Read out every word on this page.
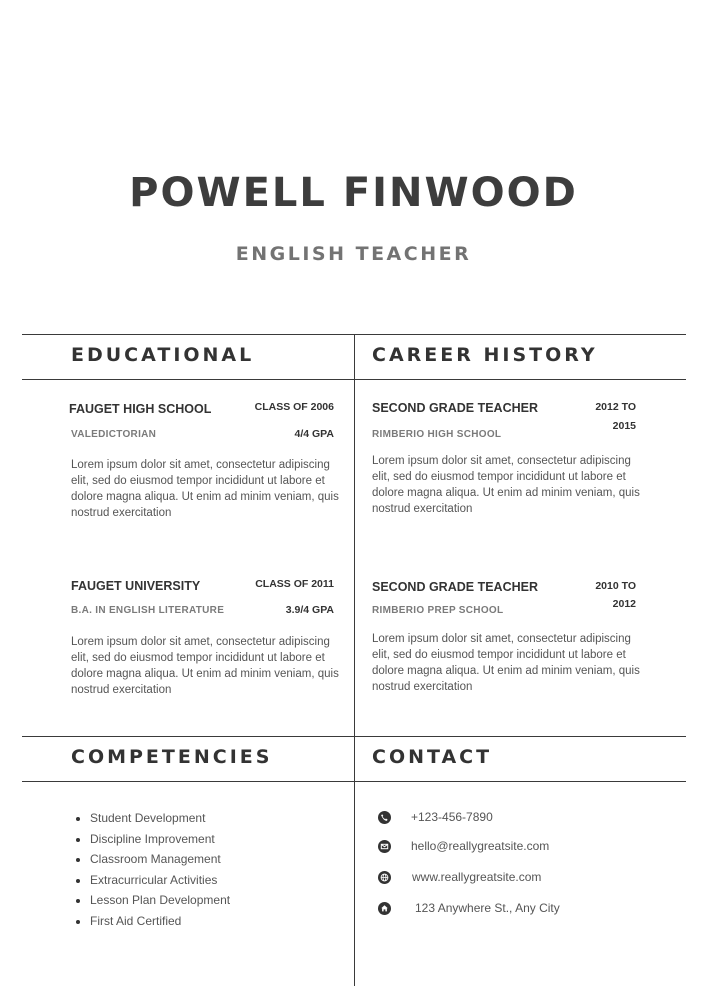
POWELL FINWOOD
ENGLISH TEACHER
EDUCATIONAL	CAREER HISTORY
COMPETENCIES	CONTACT
FAUGET HIGH SCHOOL	CLASS OF 2006
VALEDICTORIAN	4/4 GPA
Lorem ipsum dolor sit amet, consectetur adipiscing elit, sed do eiusmod tempor incididunt ut labore et dolore magna aliqua. Ut enim ad minim veniam, quis nostrud exercitation
FAUGET UNIVERSITY	CLASS OF 2011
B.A. IN ENGLISH LITERATURE	3.9/4 GPA
Lorem ipsum dolor sit amet, consectetur adipiscing elit, sed do eiusmod tempor incididunt ut labore et dolore magna aliqua. Ut enim ad minim veniam, quis nostrud exercitation
SECOND GRADE TEACHER	2012 TO
2015
RIMBERIO HIGH SCHOOL
Lorem ipsum dolor sit amet, consectetur adipiscing elit, sed do eiusmod tempor incididunt ut labore et dolore magna aliqua. Ut enim ad minim veniam, quis nostrud exercitation
SECOND GRADE TEACHER	2010 TO
2012
RIMBERIO PREP SCHOOL
Lorem ipsum dolor sit amet, consectetur adipiscing elit, sed do eiusmod tempor incididunt ut labore et dolore magna aliqua. Ut enim ad minim veniam, quis nostrud exercitation
Student Development
Discipline Improvement
Classroom Management
Extracurricular Activities
Lesson Plan Development
First Aid Certified
+123-456-7890
hello@reallygreatsite.com
www.reallygreatsite.com
123 Anywhere St., Any City
